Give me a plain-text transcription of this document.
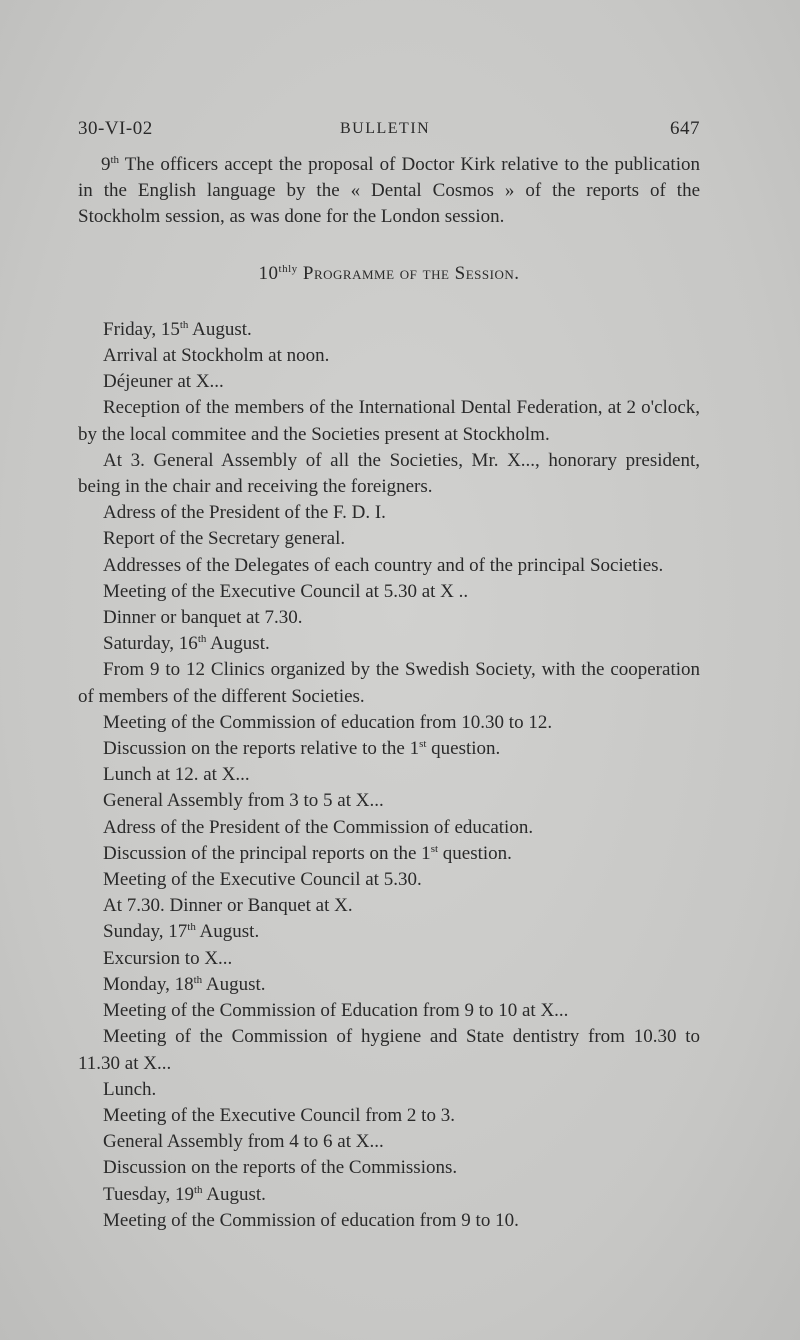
30-VI-02	BULLETIN	647

9th The officers accept the proposal of Doctor Kirk relative to the publication in the English language by the « Dental Cosmos » of the reports of the Stockholm session, as was done for the London session.

$10^{thly}$ Programme of the Session.

Friday, 15th August.

Arrival at Stockholm at noon.

Déjeuner at X...

Reception of the members of the International Dental Federation, at 2 o'clock, by the local commitee and the Societies present at Stockholm.

At 3. General Assembly of all the Societies, Mr. X..., honorary president, being in the chair and receiving the foreigners.

Adress of the President of the F. D. I.

Report of the Secretary general.

Addresses of the Delegates of each country and of the principal Societies.

Meeting of the Executive Council at 5.30 at X ..

Dinner or banquet at 7.30.

Saturday, 16th August.

From 9 to 12 Clinics organized by the Swedish Society, with the cooperation of members of the different Societies.

Meeting of the Commission of education from 10.30 to 12.

Discussion on the reports relative to the 1st question.

Lunch at 12. at X...

General Assembly from 3 to 5 at X...

Adress of the President of the Commission of education.

Discussion of the principal reports on the 1st question.

Meeting of the Executive Council at 5.30.

At 7.30. Dinner or Banquet at X.

Sunday, 17th August.

Excursion to X...

Monday, 18th August.

Meeting of the Commission of Education from 9 to 10 at X...

Meeting of the Commission of hygiene and State dentistry from 10.30 to 11.30 at X...

Lunch.

Meeting of the Executive Council from 2 to 3.

General Assembly from 4 to 6 at X...

Discussion on the reports of the Commissions.

Tuesday, 19th August.

Meeting of the Commission of education from 9 to 10.
